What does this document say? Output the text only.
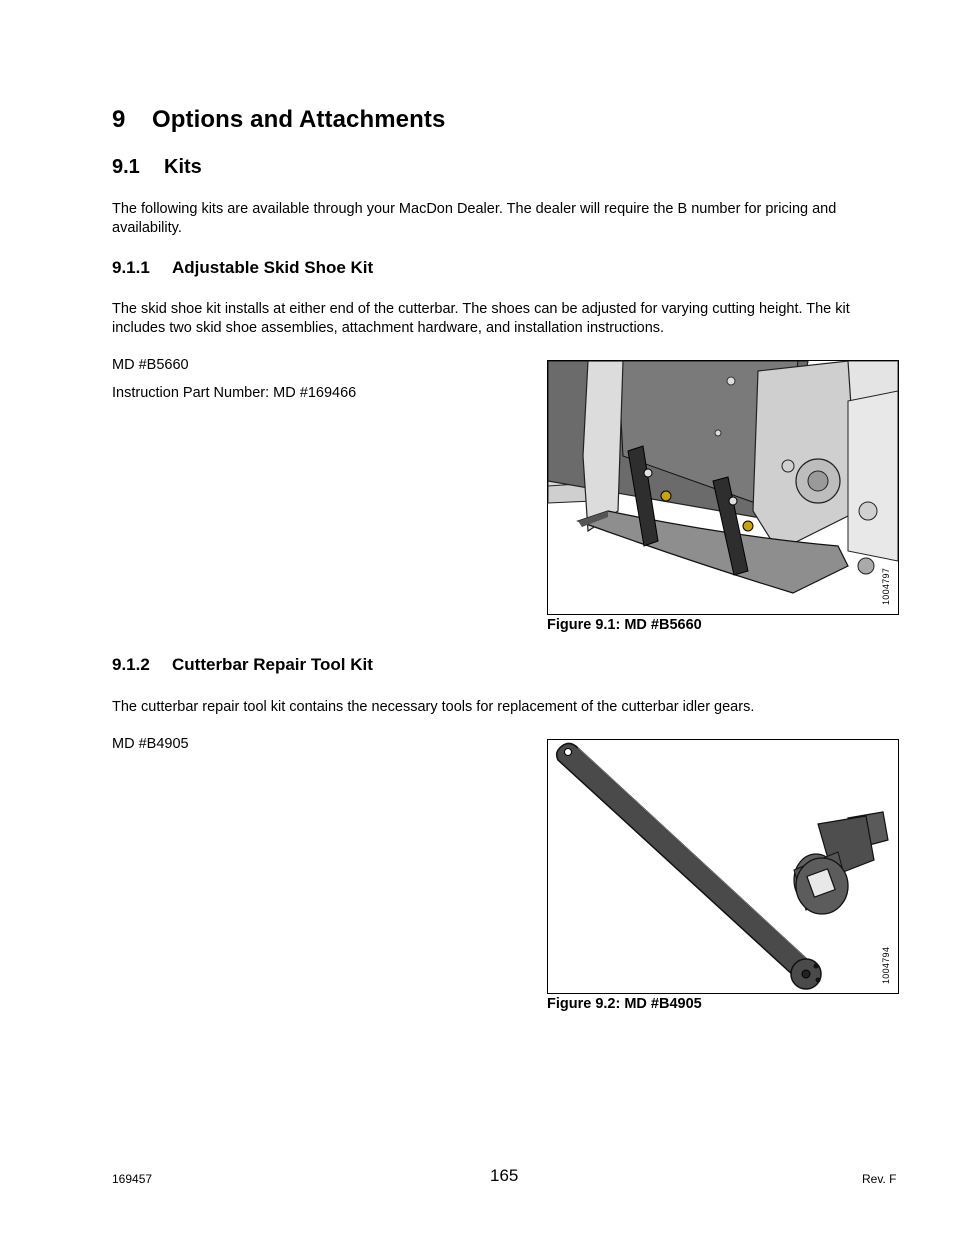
9 Options and Attachments
9.1 Kits
The following kits are available through your MacDon Dealer. The dealer will require the B number for pricing and availability.
9.1.1 Adjustable Skid Shoe Kit
The skid shoe kit installs at either end of the cutterbar. The shoes can be adjusted for varying cutting height. The kit includes two skid shoe assemblies, attachment hardware, and installation instructions.
MD #B5660
Instruction Part Number: MD #169466
1004797
Figure 9.1: MD #B5660
9.1.2 Cutterbar Repair Tool Kit
The cutterbar repair tool kit contains the necessary tools for replacement of the cutterbar idler gears.
MD #B4905
1004794
Figure 9.2: MD #B4905
169457	165	Rev. F
